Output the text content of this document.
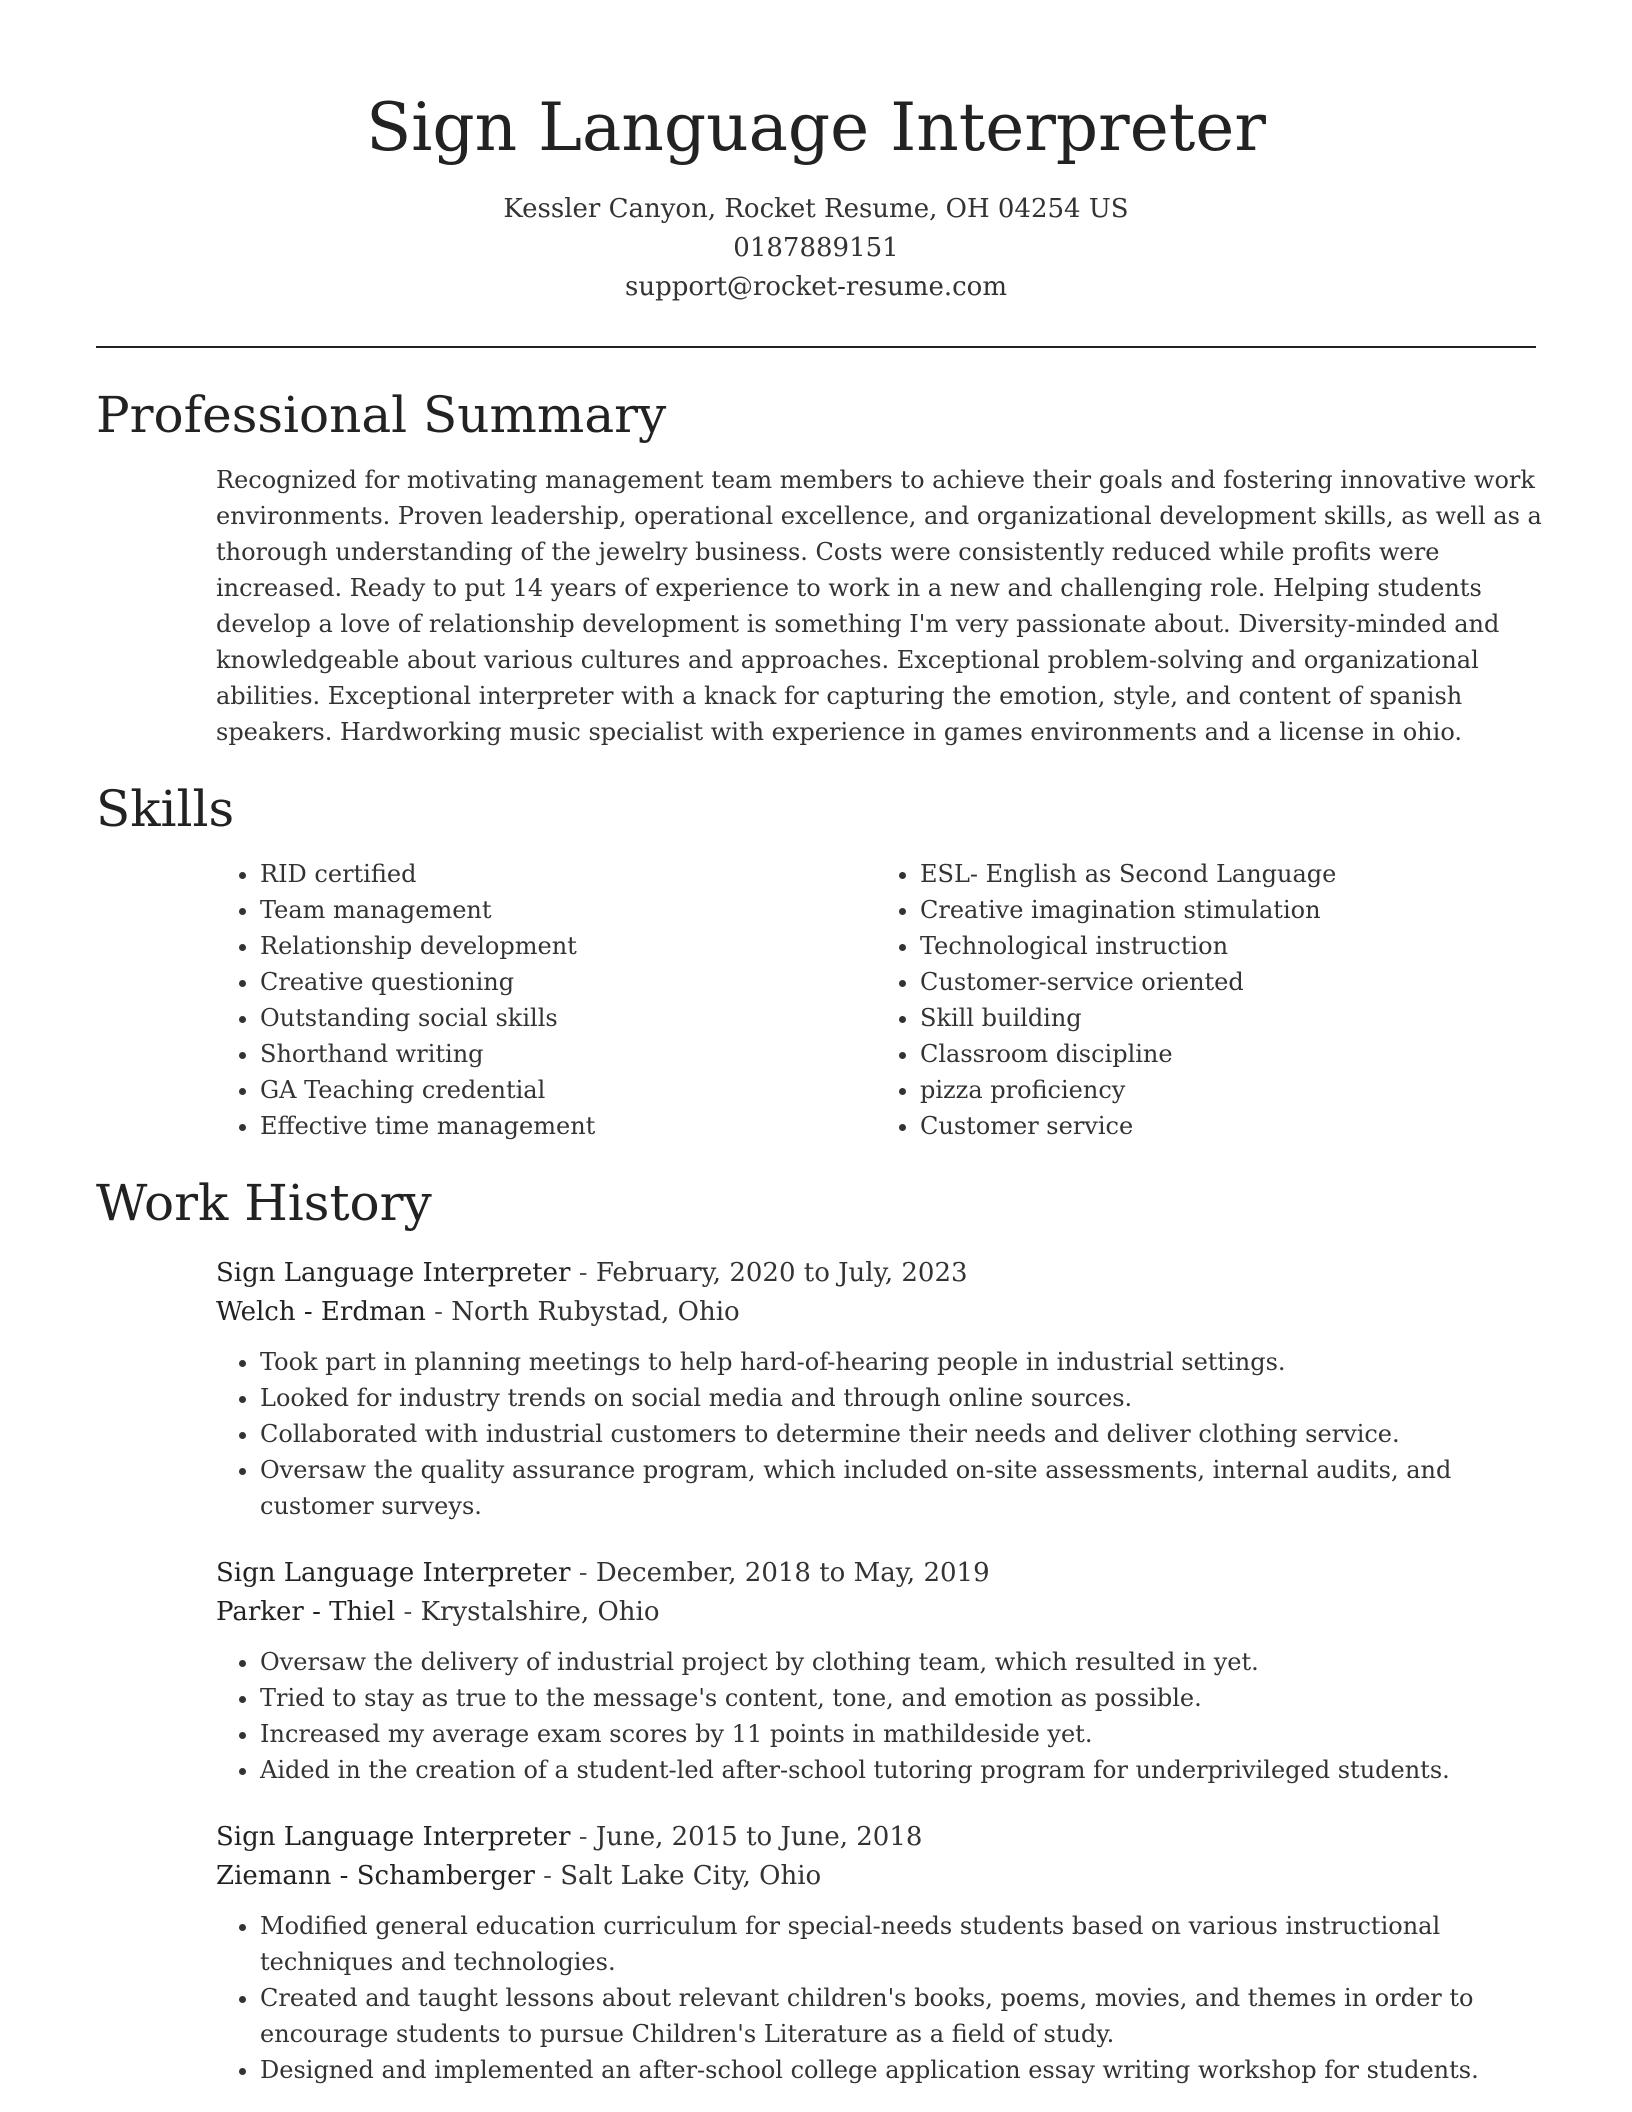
Sign Language Interpreter
Kessler Canyon, Rocket Resume, OH 04254 US
0187889151
support@rocket-resume.com
Professional Summary

Recognized for motivating management team members to achieve their goals and fostering innovative work environments. Proven leadership, operational excellence, and organizational development skills, as well as a thorough understanding of the jewelry business. Costs were consistently reduced while profits were increased. Ready to put 14 years of experience to work in a new and challenging role. Helping students develop a love of relationship development is something I'm very passionate about. Diversity-minded and knowledgeable about various cultures and approaches. Exceptional problem-solving and organizational abilities. Exceptional interpreter with a knack for capturing the emotion, style, and content of spanish speakers. Hardworking music specialist with experience in games environments and a license in ohio.

Skills
• RID certified
• Team management
• Relationship development
• Creative questioning
• Outstanding social skills
• Shorthand writing
• GA Teaching credential
• Effective time management
• ESL- English as Second Language
• Creative imagination stimulation
• Technological instruction
• Customer-service oriented
• Skill building
• Classroom discipline
• pizza proficiency
• Customer service
Work History
Sign Language Interpreter - February, 2020 to July, 2023
Welch - Erdman - North Rubystad, Ohio
• Took part in planning meetings to help hard-of-hearing people in industrial settings.
• Looked for industry trends on social media and through online sources.
• Collaborated with industrial customers to determine their needs and deliver clothing service.
• Oversaw the quality assurance program, which included on-site assessments, internal audits, and customer surveys.
Sign Language Interpreter - December, 2018 to May, 2019
Parker - Thiel - Krystalshire, Ohio
• Oversaw the delivery of industrial project by clothing team, which resulted in yet.
• Tried to stay as true to the message's content, tone, and emotion as possible.
• Increased my average exam scores by 11 points in mathildeside yet.
• Aided in the creation of a student-led after-school tutoring program for underprivileged students.
Sign Language Interpreter - June, 2015 to June, 2018
Ziemann - Schamberger - Salt Lake City, Ohio
• Modified general education curriculum for special-needs students based on various instructional techniques and technologies.
• Created and taught lessons about relevant children's books, poems, movies, and themes in order to encourage students to pursue Children's Literature as a field of study.
• Designed and implemented an after-school college application essay writing workshop for students.
